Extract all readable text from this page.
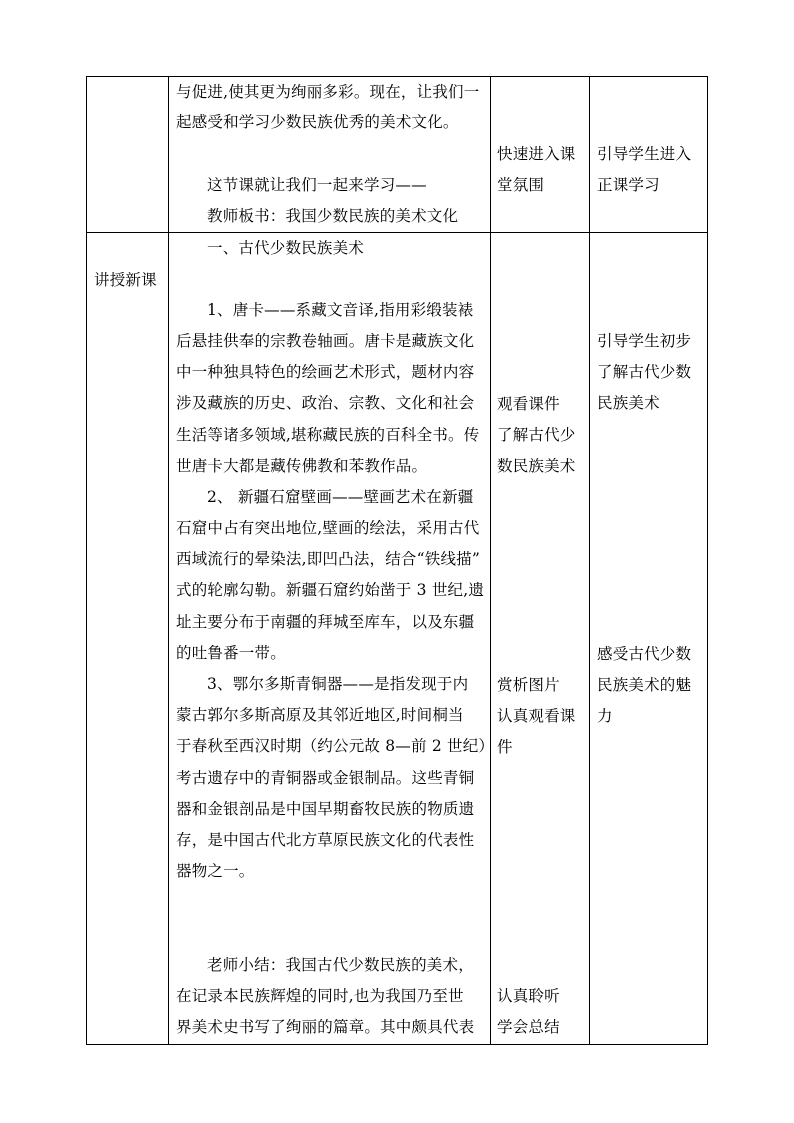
与促进,使其更为绚丽多彩。现在，让我们一
起感受和学习少数民族优秀的美术文化。
这节课就让我们一起来学习——
教师板书：我国少数民族的美术文化
快速进入课
堂氛围
引导学生进入
正课学习
讲授新课
一、古代少数民族美术
1、唐卡——系藏文音译,指用彩缎装裱
后悬挂供奉的宗教卷轴画。唐卡是藏族文化
中一种独具特色的绘画艺术形式，题材内容
涉及藏族的历史、政治、宗教、文化和社会
生活等诸多领域,堪称藏民族的百科全书。传
世唐卡大都是藏传佛教和苯教作品。
2、 新疆石窟壁画——壁画艺术在新疆
石窟中占有突出地位,壁画的绘法，采用古代
西域流行的晕染法,即凹凸法，结合“铁线描”
式的轮廓勾勒。新疆石窟约始凿于 3 世纪,遗
址主要分布于南疆的拜城至库车，以及东疆
的吐鲁番一带。
3、鄂尔多斯青铜器——是指发现于内
蒙古郭尔多斯高原及其邻近地区,时间桐当
于春秋至西汉时期（约公元故 8—前 2 世纪）
考古遗存中的青铜器或金银制品。这些青铜
器和金银剖品是中国早期畜牧民族的物质遗
存，是中国古代北方草原民族文化的代表性
器物之一。
老师小结：我国古代少数民族的美术，
在记录本民族辉煌的同时,也为我国乃至世
界美术史书写了绚丽的篇章。其中颇具代表
观看课件
了解古代少
数民族美术
赏析图片
认真观看课
件
认真聆听
学会总结
引导学生初步
了解古代少数
民族美术
感受古代少数
民族美术的魅
力
